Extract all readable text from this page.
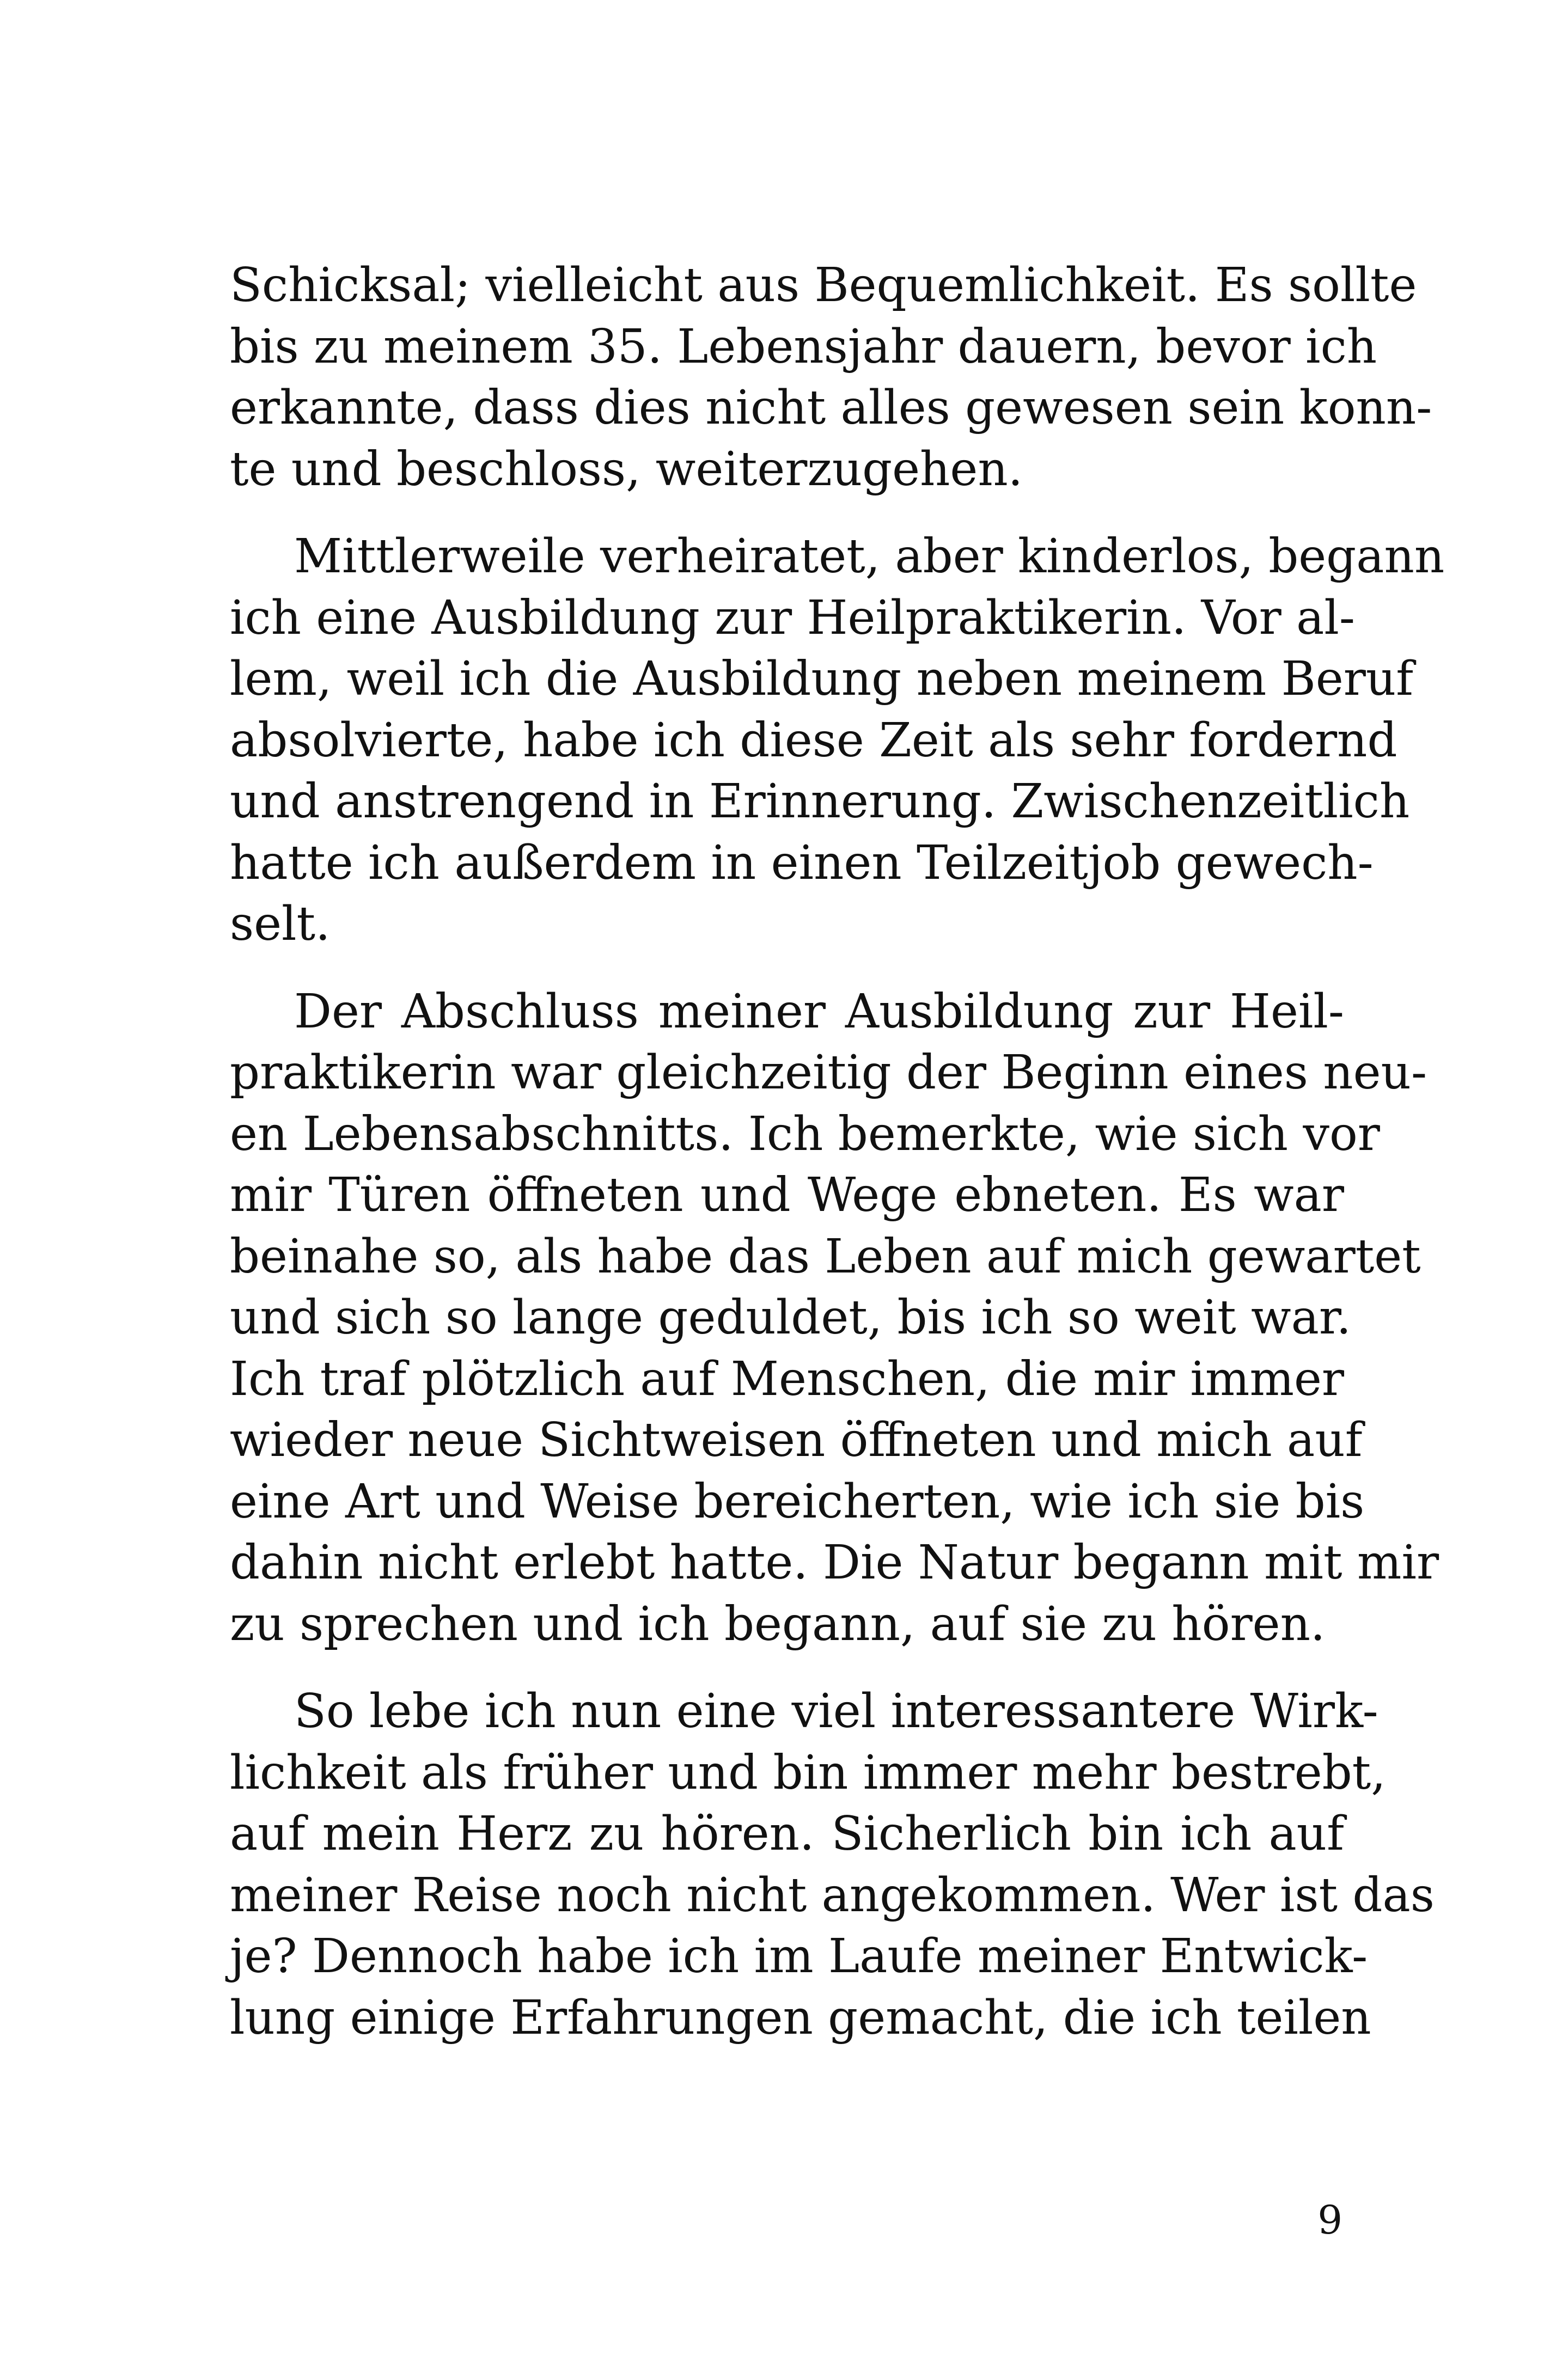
Schicksal; vielleicht aus Bequemlichkeit. Es sollte
bis zu meinem 35. Lebensjahr dauern, bevor ich
erkannte, dass dies nicht alles gewesen sein konn-
te und beschloss, weiterzugehen.
Mittlerweile verheiratet, aber kinderlos, begann
ich eine Ausbildung zur Heilpraktikerin. Vor al-
lem, weil ich die Ausbildung neben meinem Beruf
absolvierte, habe ich diese Zeit als sehr fordernd
und anstrengend in Erinnerung. Zwischenzeitlich
hatte ich außerdem in einen Teilzeitjob gewech-
selt.
Der Abschluss meiner Ausbildung zur Heil-
praktikerin war gleichzeitig der Beginn eines neu-
en Lebensabschnitts. Ich bemerkte, wie sich vor
mir Türen öffneten und Wege ebneten. Es war
beinahe so, als habe das Leben auf mich gewartet
und sich so lange geduldet, bis ich so weit war.
Ich traf plötzlich auf Menschen, die mir immer
wieder neue Sichtweisen öffneten und mich auf
eine Art und Weise bereicherten, wie ich sie bis
dahin nicht erlebt hatte. Die Natur begann mit mir
zu sprechen und ich begann, auf sie zu hören.
So lebe ich nun eine viel interessantere Wirk-
lichkeit als früher und bin immer mehr bestrebt,
auf mein Herz zu hören. Sicherlich bin ich auf
meiner Reise noch nicht angekommen. Wer ist das
je? Dennoch habe ich im Laufe meiner Entwick-
lung einige Erfahrungen gemacht, die ich teilen
9
